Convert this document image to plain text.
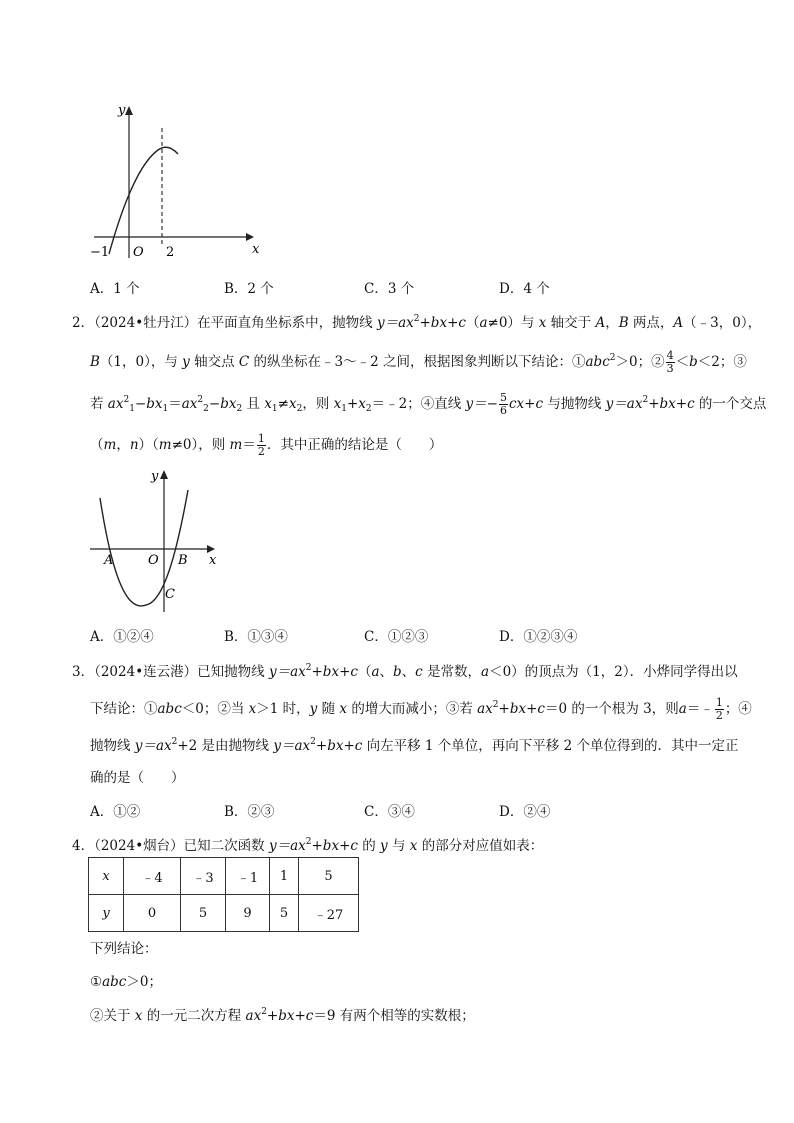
y
x
−1 O 2
A．1 个	B．2 个	C．3 个	D．4 个
2．（2024•牡丹江）在平面直角坐标系中，抛物线 $y=ax^2+bx+c(a\ne 0)$与 x 轴交于 A，B 两点，A（﹣3，0），
B（1，0），与 y 轴交点 C 的纵坐标在﹣3～﹣2 之间，根据图象判断以下结论：①abc$^2$＞0；② $\frac{4}{3} <b<2$；③
若 $ax^2_1-bx_1=ax^2_2-bx_2$ 且 $x_1\ne x_2$，则 $x_1+x_2=﹣2$；④直线 $y=- \frac{5}{6} cx+c$ 与抛物线 $y=ax^2+bx+c$ 的一个交点
（m，n）（m≠0），则 $m= \frac{1}{2}$ ．其中正确的结论是（　　）
y
x
A	O B
C
A．①②④	B．①③④	C．①②③	D．①②③④
3．（2024•连云港）已知抛物线 $y=ax^2+bx+c(a$、b、c 是常数，a＜0）的顶点为（1，2）．小烨同学得出以
下结论：①abc＜0；②当 x＞1 时，y 随 x 的增大而减小；③若 $ax^2+bx+c=0$ 的一个根为 3，则a＝﹣ $\frac{1}{2}$ ；④
抛物线 $y=ax^2+2$ 是由抛物线 $y=ax^2+bx+c$ 向左平移 1 个单位，再向下平移 2 个单位得到的．其中一定正
确的是（　　）
A．①②	B．②③	C．③④	D．②④
4．（2024•烟台）已知二次函数 $y=ax^2+bx+c$ 的 y 与 x 的部分对应值如表：
x	﹣4	﹣3	﹣1	1	5
y	0	5	9	5	﹣27
下列结论：
①abc＞0；
②关于 x 的一元二次方程 $ax^2+bx+c=9$ 有两个相等的实数根；
